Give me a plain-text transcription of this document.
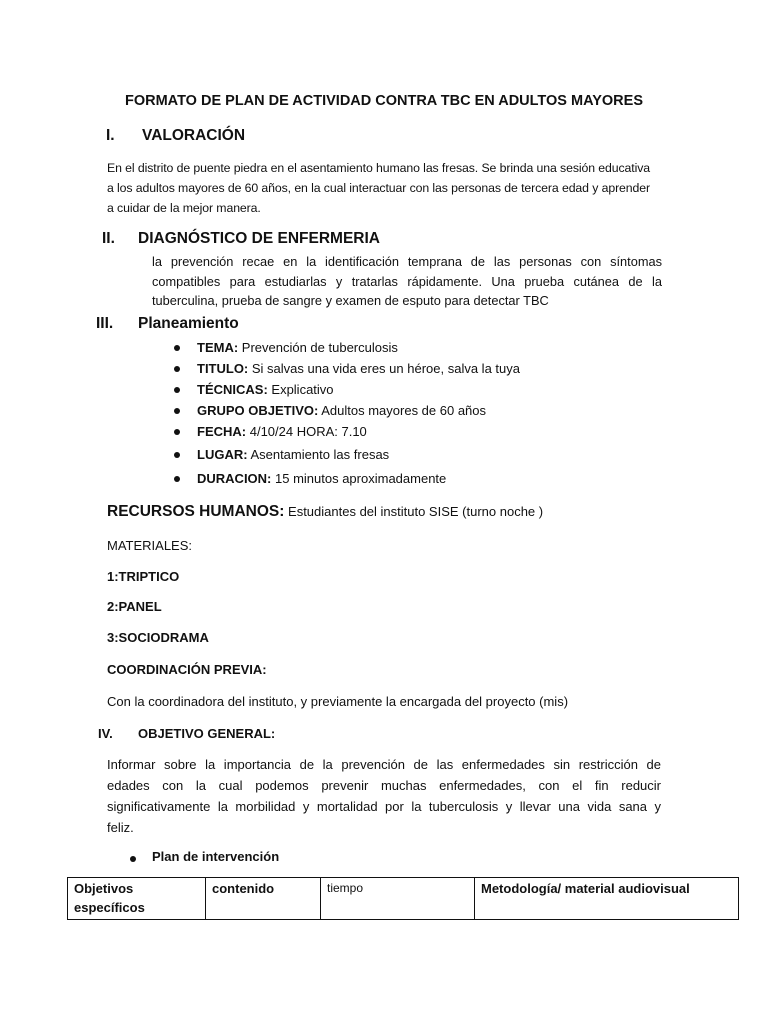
FORMATO DE PLAN DE ACTIVIDAD CONTRA TBC EN ADULTOS MAYORES
I. VALORACIÓN
En el distrito de puente piedra en el asentamiento humano las fresas. Se brinda una sesión educativa
a los adultos mayores de 60 años, en la cual interactuar con las personas de tercera edad y aprender
a cuidar de la mejor manera.
II. DIAGNÓSTICO DE ENFERMERIA
la prevención recae en la identificación temprana de las personas con síntomas
compatibles para estudiarlas y tratarlas rápidamente. Una prueba cutánea de la
tuberculina, prueba de sangre y examen de esputo para detectar TBC
III. Planeamiento
TEMA: Prevención de tuberculosis
TITULO: Si salvas una vida eres un héroe, salva la tuya
TÉCNICAS: Explicativo
GRUPO OBJETIVO: Adultos mayores de 60 años
FECHA: 4/10/24 HORA: 7.10
LUGAR: Asentamiento las fresas
DURACION: 15 minutos aproximadamente
RECURSOS HUMANOS: Estudiantes del instituto SISE (turno noche )
MATERIALES:
1:TRIPTICO
2:PANEL
3:SOCIODRAMA
COORDINACIÓN PREVIA:
Con la coordinadora del instituto, y previamente la encargada del proyecto (mis)
IV. OBJETIVO GENERAL:
Informar sobre la importancia de la prevención de las enfermedades sin restricción de
edades con la cual podemos prevenir muchas enfermedades, con el fin reducir
significativamente la morbilidad y mortalidad por la tuberculosis y llevar una vida sana y
feliz.
Plan de intervención
Objetivos específicos	contenido	tiempo	Metodología/ material audiovisual
